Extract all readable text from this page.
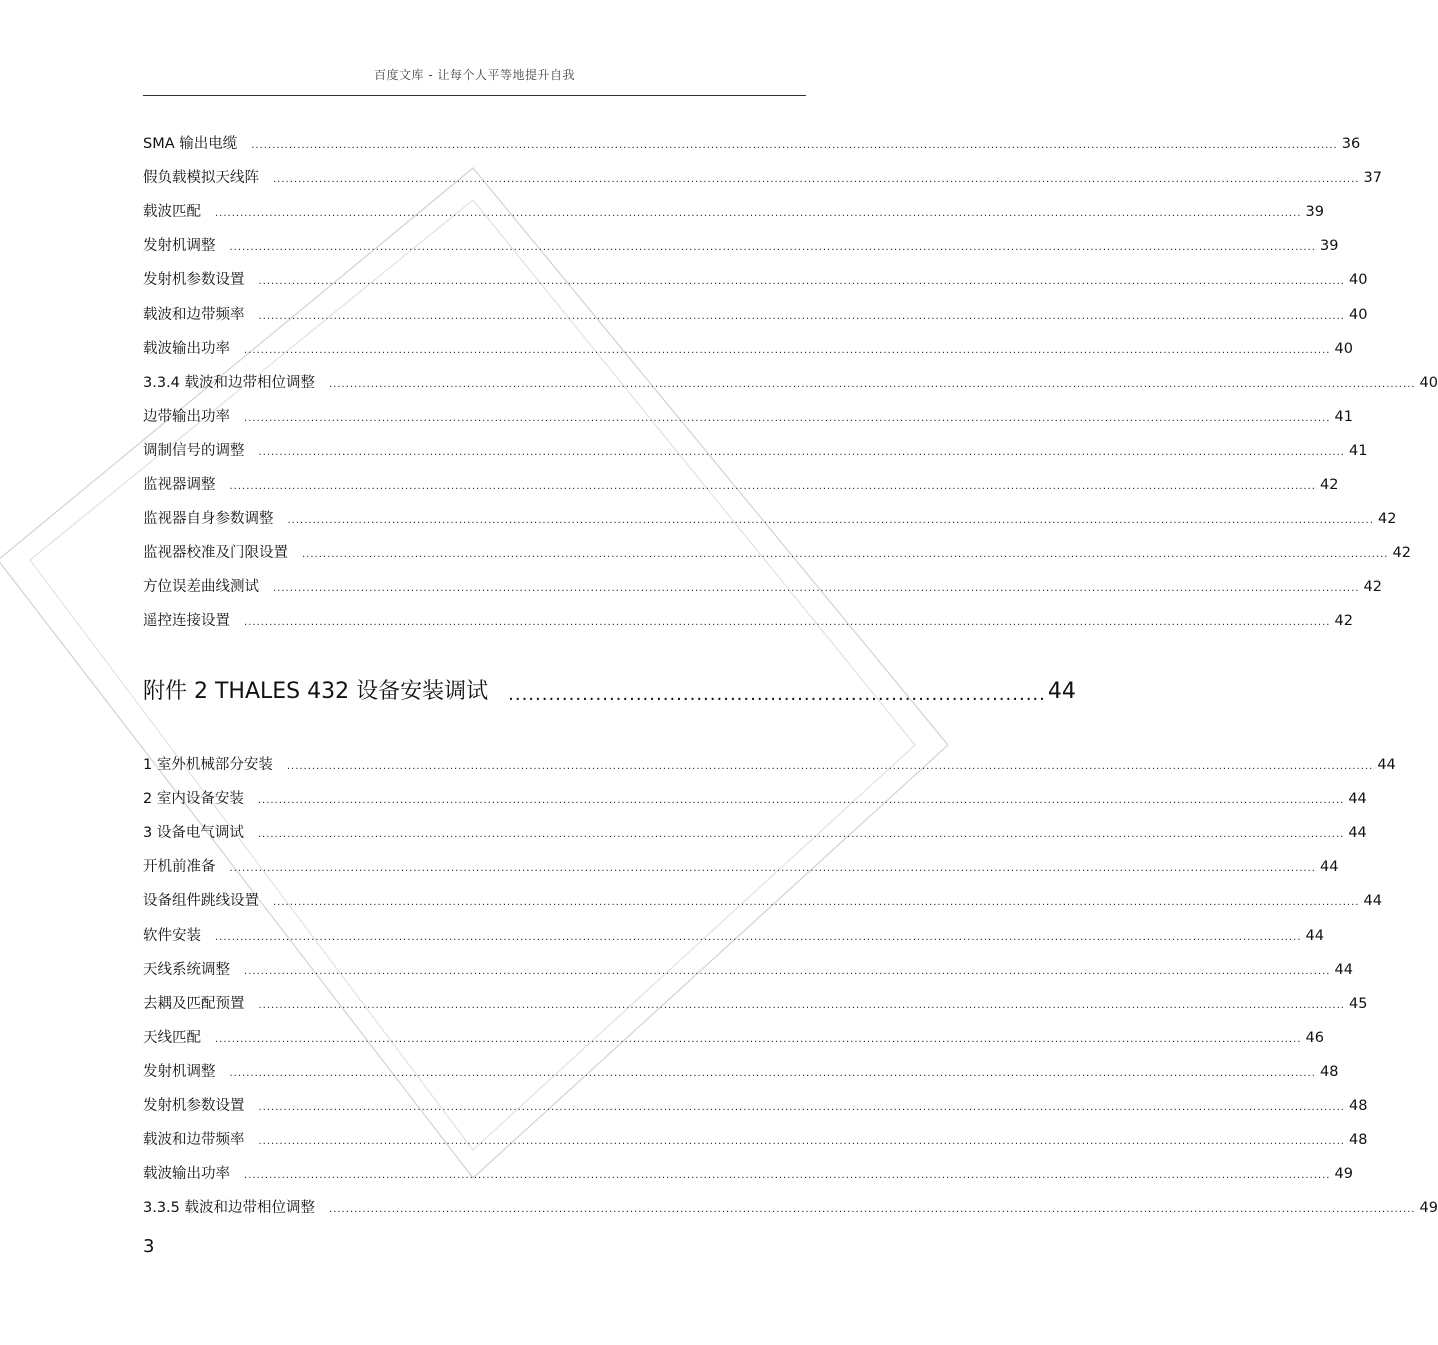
百度文库 - 让每个人平等地提升自我
SMA 输出电缆 .................................................................................................................................................................................................................................................................... 36
假负载模拟天线阵 .................................................................................................................................................................................................................................................................... 37
载波匹配 .................................................................................................................................................................................................................................................................... 39
发射机调整 .................................................................................................................................................................................................................................................................... 39
发射机参数设置 .................................................................................................................................................................................................................................................................... 40
载波和边带频率 .................................................................................................................................................................................................................................................................... 40
载波输出功率 .................................................................................................................................................................................................................................................................... 40
3.3.4 载波和边带相位调整 .................................................................................................................................................................................................................................................................... 40
边带输出功率 .................................................................................................................................................................................................................................................................... 41
调制信号的调整 .................................................................................................................................................................................................................................................................... 41
监视器调整 .................................................................................................................................................................................................................................................................... 42
监视器自身参数调整 .................................................................................................................................................................................................................................................................... 42
监视器校准及门限设置 .................................................................................................................................................................................................................................................................... 42
方位误差曲线测试 .................................................................................................................................................................................................................................................................... 42
遥控连接设置 .................................................................................................................................................................................................................................................................... 42
附件 2 THALES 432 设备安装调试 ................................................................................ 44
1 室外机械部分安装 .................................................................................................................................................................................................................................................................... 44
2 室内设备安装 .................................................................................................................................................................................................................................................................... 44
3 设备电气调试 .................................................................................................................................................................................................................................................................... 44
开机前准备 .................................................................................................................................................................................................................................................................... 44
设备组件跳线设置 .................................................................................................................................................................................................................................................................... 44
软件安装 .................................................................................................................................................................................................................................................................... 44
天线系统调整 .................................................................................................................................................................................................................................................................... 44
去耦及匹配预置 .................................................................................................................................................................................................................................................................... 45
天线匹配 .................................................................................................................................................................................................................................................................... 46
发射机调整 .................................................................................................................................................................................................................................................................... 48
发射机参数设置 .................................................................................................................................................................................................................................................................... 48
载波和边带频率 .................................................................................................................................................................................................................................................................... 48
载波输出功率 .................................................................................................................................................................................................................................................................... 49
3.3.5 载波和边带相位调整 .................................................................................................................................................................................................................................................................... 49
3
